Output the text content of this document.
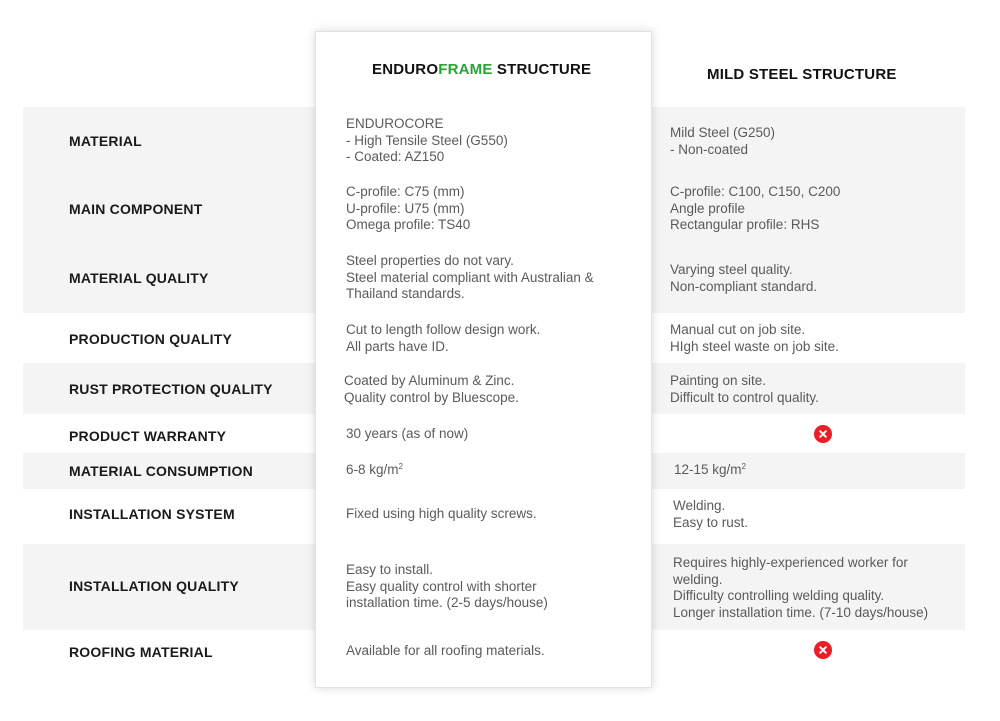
ENDUROFRAME STRUCTURE	MILD STEEL STRUCTURE
MATERIAL
MAIN COMPONENT
MATERIAL QUALITY
PRODUCTION QUALITY
RUST PROTECTION QUALITY
PRODUCT WARRANTY
MATERIAL CONSUMPTION
INSTALLATION SYSTEM
INSTALLATION QUALITY
ROOFING MATERIAL
ENDUROCORE
- High Tensile Steel (G550)
- Coated: AZ150
C-profile: C75 (mm)
U-profile: U75 (mm)
Omega profile: TS40
Steel properties do not vary.
Steel material compliant with Australian &
Thailand standards.
Cut to length follow design work.
All parts have ID.
Coated by Aluminum & Zinc.
Quality control by Bluescope.
30 years (as of now)
6-8 $kg/m^2$
Fixed using high quality screws.
Easy to install.
Easy quality control with shorter
installation time. (2-5 days/house)
Available for all roofing materials.
Mild Steel (G250)
- Non-coated
C-profile: C100, C150, C200
Angle profile
Rectangular profile: RHS
Varying steel quality.
Non-compliant standard.
Manual cut on job site.
HIgh steel waste on job site.
Painting on site.
Difficult to control quality.
12-15 $kg/m^2$
Welding.
Easy to rust.
Requires highly-experienced worker for
welding.
Difficulty controlling welding quality.
Longer installation time. (7-10 days/house)
